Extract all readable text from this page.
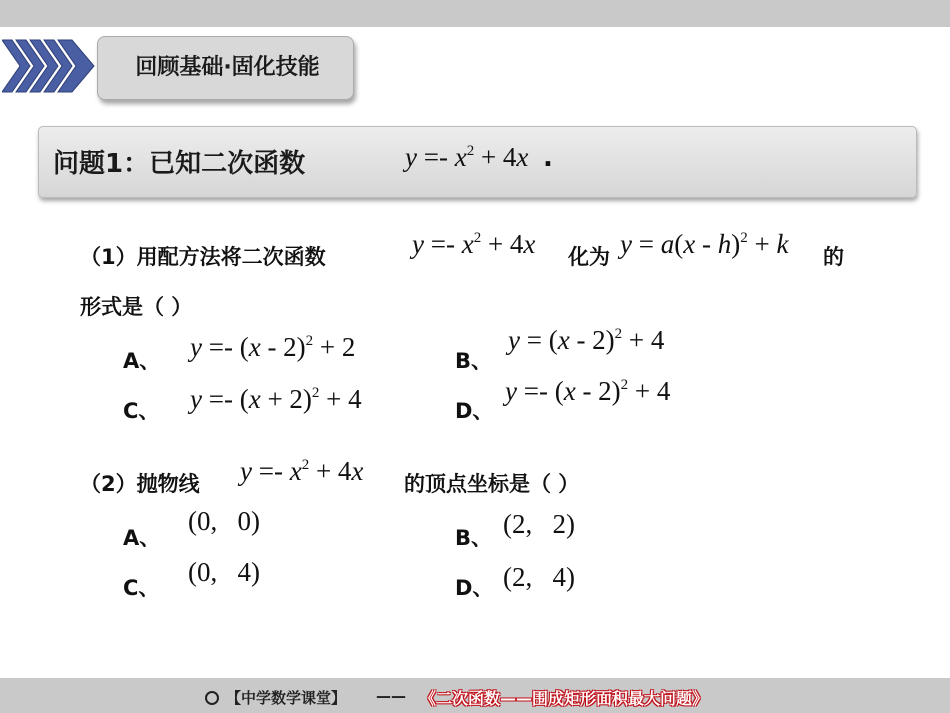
回顾基础·固化技能
问题1：已知二次函数	$y =- x^2 + 4x$ .
（1）用配方法将二次函数	$y =- x^2 + 4x$ 化为 y = a(x - h)$^2$ + k 的
形式是（ ）
A、 y =- (x - 2)$^2$ + 2	B、
y = (x - 2)$^2$ + 4
C、 $y =- (x + 2)^2 + 4$	D、
y =- (x - 2)$^2$ + 4
（2）抛物线 $y =- x^2 + 4x$ 的顶点坐标是（ ）
A、
(0,   0)
B、 (2,   2)
C、
(0,   4)
D、 (2,   4)
【中学数学课堂】 —— 《二次函数——围成矩形面积最大问题》
